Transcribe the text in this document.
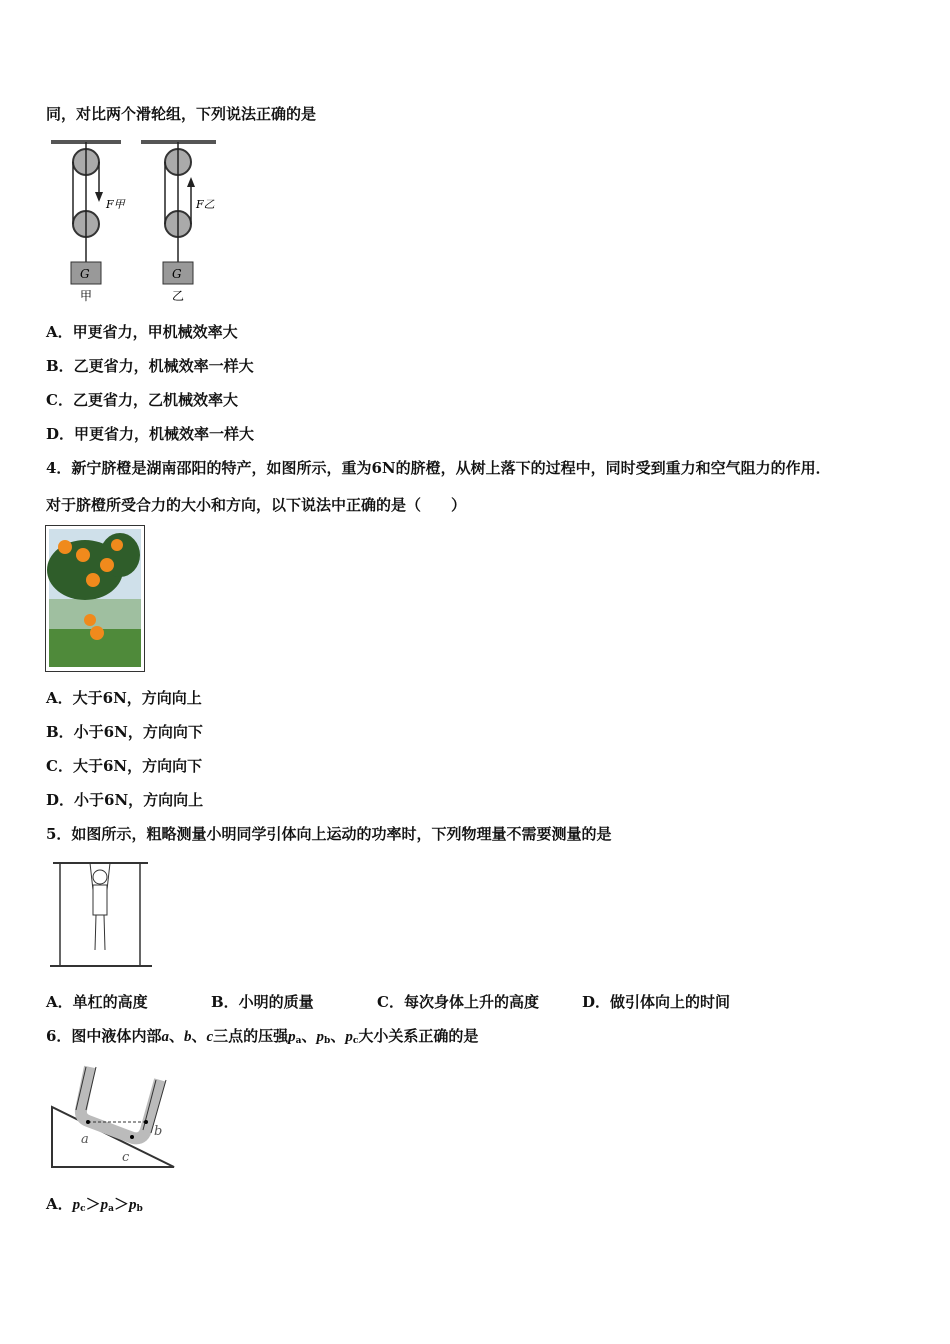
同，对比两个滑轮组，下列说法正确的是
G	G
F甲	F乙
甲	乙
A．甲更省力，甲机械效率大
B．乙更省力，机械效率一样大
C．乙更省力，乙机械效率大
D．甲更省力，机械效率一样大
4．新宁脐橙是湖南邵阳的特产，如图所示，重为6N的脐橙，从树上落下的过程中，同时受到重力和空气阻力的作用．
对于脐橙所受合力的大小和方向，以下说法中正确的是（　　）
A．大于6N，方向向上
B．小于6N，方向向下
C．大于6N，方向向下
D．小于6N，方向向上
5．如图所示，粗略测量小明同学引体向上运动的功率时，下列物理量不需要测量的是
A．单杠的高度	B．小明的质量	C．每次身体上升的高度	D．做引体向上的时间
6．图中液体内部a、b、c三点的压强$p_a$、$p_b$、$p_c$大小关系正确的是
a
b
c
A．$p_c>p_a>p_b$
